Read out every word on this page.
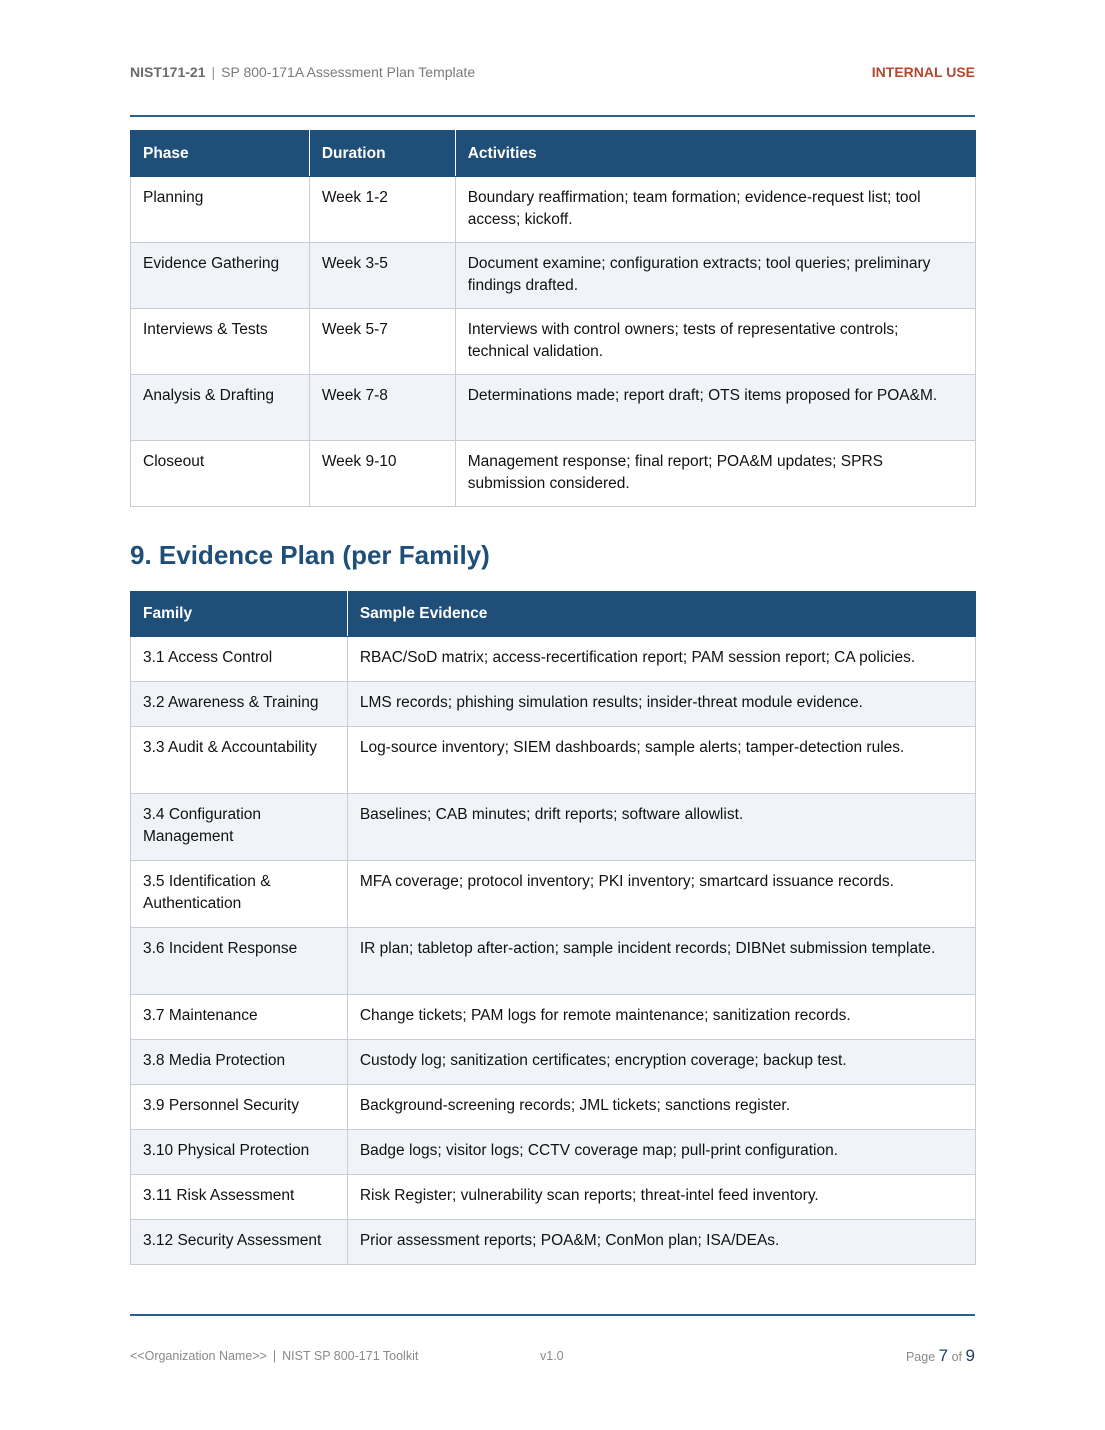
NIST171-21 | SP 800-171A Assessment Plan Template	INTERNAL USE
Phase	Duration	Activities
Planning	Week 1-2	Boundary reaffirmation; team formation; evidence-request list; tool access; kickoff.
Evidence Gathering	Week 3-5	Document examine; configuration extracts; tool queries; preliminary findings drafted.
Interviews & Tests	Week 5-7	Interviews with control owners; tests of representative controls; technical validation.
Analysis & Drafting	Week 7-8	Determinations made; report draft; OTS items proposed for POA&M.
Closeout	Week 9-10	Management response; final report; POA&M updates; SPRS submission considered.
9. Evidence Plan (per Family)
Family	Sample Evidence
3.1 Access Control	RBAC/SoD matrix; access-recertification report; PAM session report; CA policies.
3.2 Awareness & Training	LMS records; phishing simulation results; insider-threat module evidence.
3.3 Audit & Accountability	Log-source inventory; SIEM dashboards; sample alerts; tamper-detection rules.
3.4 Configuration Management	Baselines; CAB minutes; drift reports; software allowlist.
3.5 Identification & Authentication	MFA coverage; protocol inventory; PKI inventory; smartcard issuance records.
3.6 Incident Response	IR plan; tabletop after-action; sample incident records; DIBNet submission template.
3.7 Maintenance	Change tickets; PAM logs for remote maintenance; sanitization records.
3.8 Media Protection	Custody log; sanitization certificates; encryption coverage; backup test.
3.9 Personnel Security	Background-screening records; JML tickets; sanctions register.
3.10 Physical Protection	Badge logs; visitor logs; CCTV coverage map; pull-print configuration.
3.11 Risk Assessment	Risk Register; vulnerability scan reports; threat-intel feed inventory.
3.12 Security Assessment	Prior assessment reports; POA&M; ConMon plan; ISA/DEAs.
<<Organization Name>> | NIST SP 800-171 Toolkit	v1.0	Page 7 of 9
